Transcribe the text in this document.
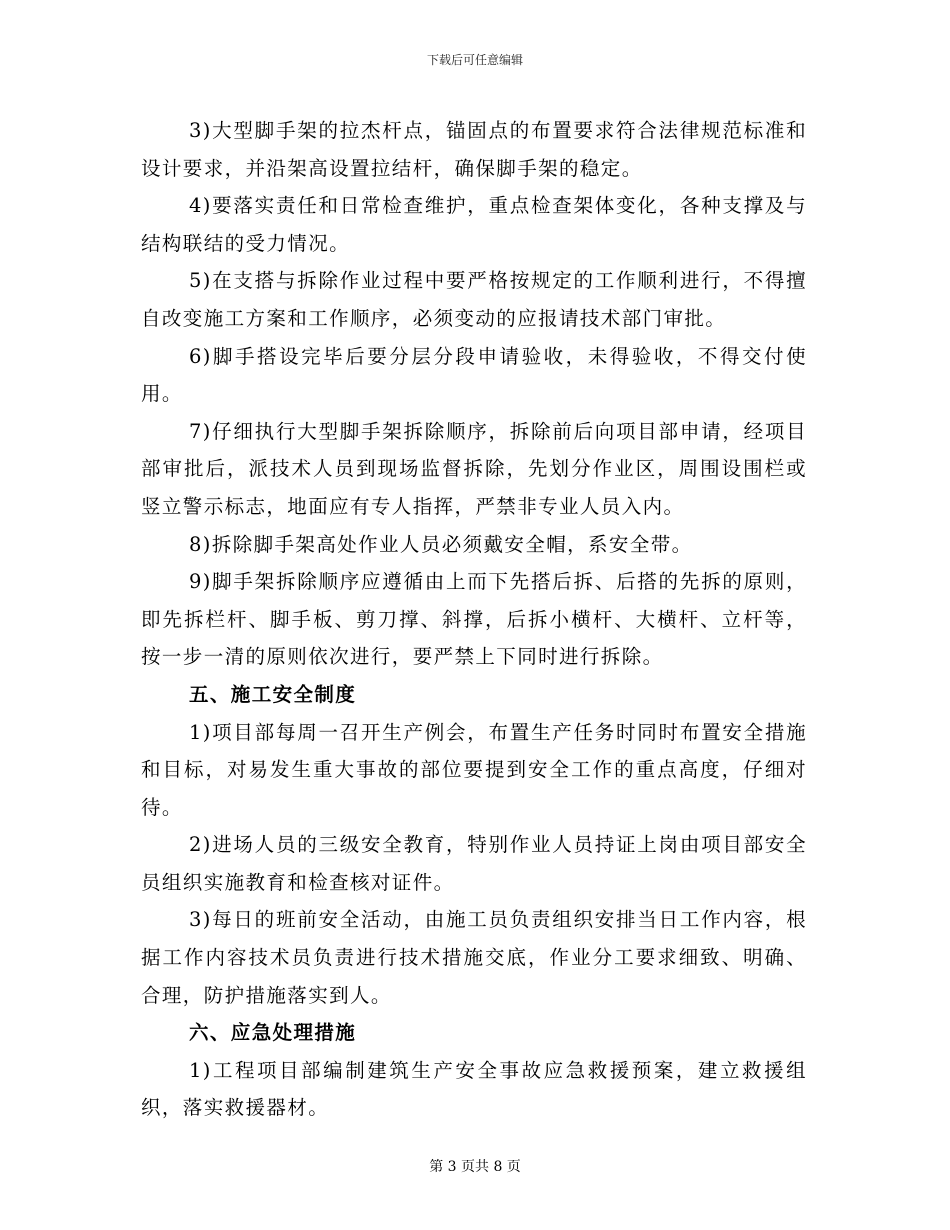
下载后可任意编辑

3)大型脚手架的拉杰杆点，锚固点的布置要求符合法律规范标准和设计要求，并沿架高设置拉结杆，确保脚手架的稳定。

4)要落实责任和日常检查维护，重点检查架体变化，各种支撑及与结构联结的受力情况。

5)在支搭与拆除作业过程中要严格按规定的工作顺利进行，不得擅自改变施工方案和工作顺序，必须变动的应报请技术部门审批。

6)脚手搭设完毕后要分层分段申请验收，未得验收，不得交付使用。

7)仔细执行大型脚手架拆除顺序，拆除前后向项目部申请，经项目部审批后，派技术人员到现场监督拆除，先划分作业区，周围设围栏或竖立警示标志，地面应有专人指挥，严禁非专业人员入内。

8)拆除脚手架高处作业人员必须戴安全帽，系安全带。

9)脚手架拆除顺序应遵循由上而下先搭后拆、后搭的先拆的原则，即先拆栏杆、脚手板、剪刀撑、斜撑，后拆小横杆、大横杆、立杆等，按一步一清的原则依次进行，要严禁上下同时进行拆除。

五、施工安全制度

1)项目部每周一召开生产例会，布置生产任务时同时布置安全措施和目标，对易发生重大事故的部位要提到安全工作的重点高度，仔细对待。

2)进场人员的三级安全教育，特别作业人员持证上岗由项目部安全员组织实施教育和检查核对证件。

3)每日的班前安全活动，由施工员负责组织安排当日工作内容，根据工作内容技术员负责进行技术措施交底，作业分工要求细致、明确、合理，防护措施落实到人。

六、应急处理措施

1)工程项目部编制建筑生产安全事故应急救援预案，建立救援组织，落实救援器材。

第 3 页共 8 页
